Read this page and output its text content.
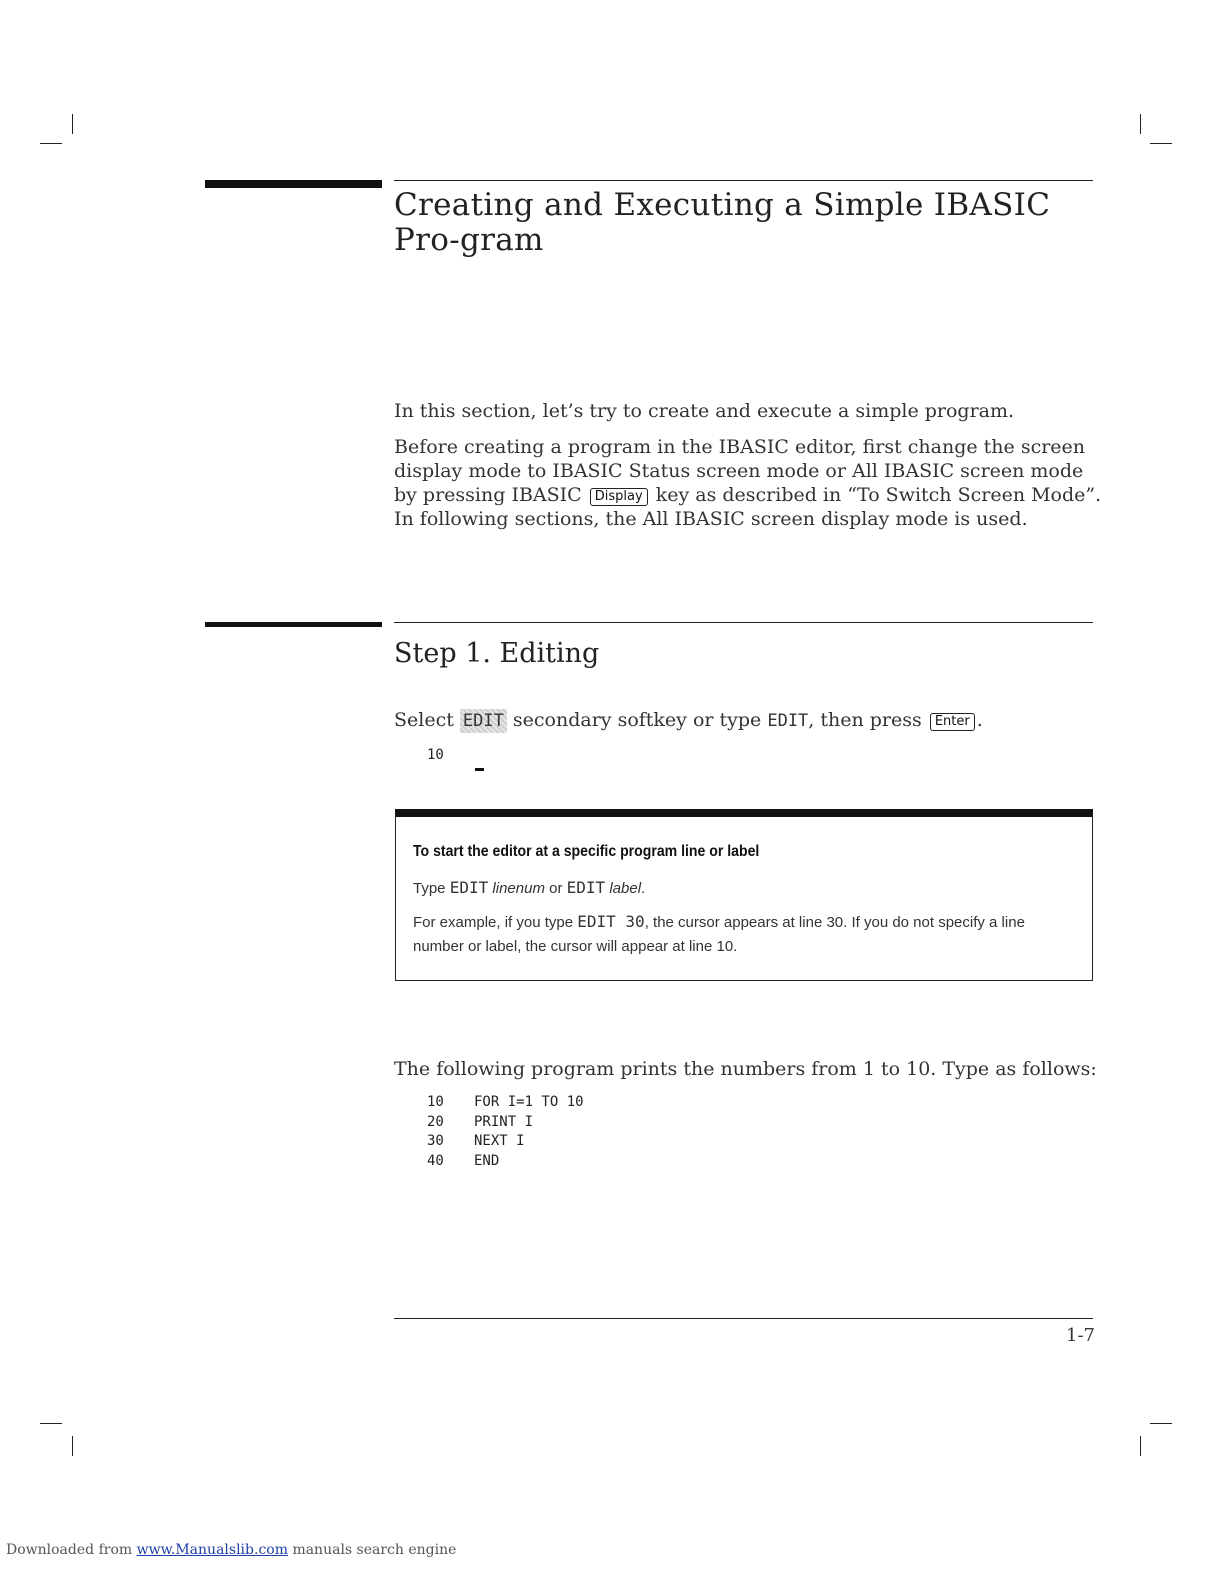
Creating and Executing a Simple IBASIC Pro-gram

In this section, let’s try to create and execute a simple program.

Before creating a program in the IBASIC editor, first change the screen display mode to IBASIC Status screen mode or All IBASIC screen mode by pressing IBASIC Display key as described in “To Switch Screen Mode”. In following sections, the All IBASIC screen display mode is used.

Step 1. Editing

Select EDIT secondary softkey or type EDIT, then press Enter .

10
To start the editor at a specific program line or label
Type EDIT linenum or EDIT label.
For example, if you type EDIT 30, the cursor appears at line 30. If you do not specify a line number or label, the cursor will appear at line 10.

The following program prints the numbers from 1 to 10. Type as follows:

10 FOR I=1 TO 10
20 PRINT I
30 NEXT I
40 END
1-7
Downloaded from www.Manualslib.com manuals search engine
